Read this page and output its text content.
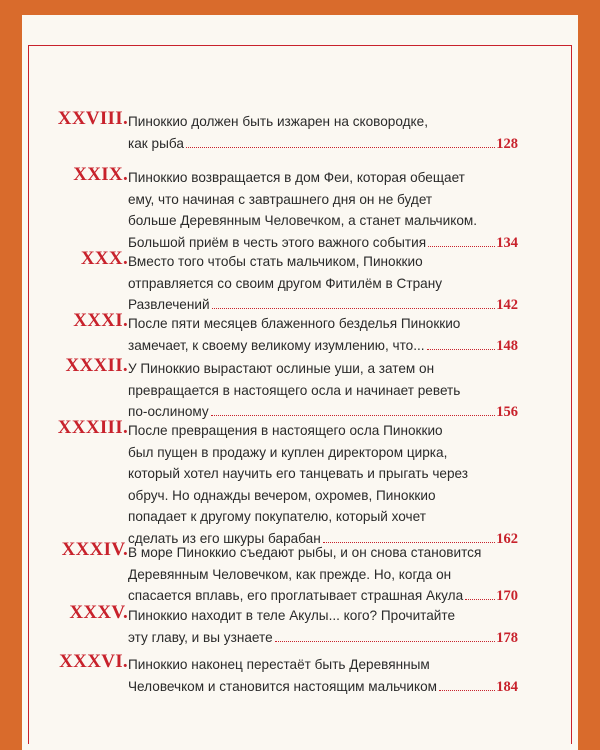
XXVIII. Пиноккио должен быть изжарен на сковородке,
как рыба	128
XXIX. Пиноккио возвращается в дом Феи, которая обещает
ему, что начиная с завтрашнего дня он не будет
больше Деревянным Человечком, а станет мальчиком.
Большой приём в честь этого важного события	134
XXX. Вместо того чтобы стать мальчиком, Пиноккио
отправляется со своим другом Фитилём в Страну
Развлечений	142
XXXI. После пяти месяцев блаженного безделья Пиноккио
замечает, к своему великому изумлению, что...	148
XXXII. У Пиноккио вырастают ослиные уши, а затем он
превращается в настоящего осла и начинает реветь
по-ослиному	156
XXXIII. После превращения в настоящего осла Пиноккио
был пущен в продажу и куплен директором цирка,
который хотел научить его танцевать и прыгать через
обруч. Но однажды вечером, охромев, Пиноккио
попадает к другому покупателю, который хочет
сделать из его шкуры барабан	162
XXXIV. В море Пиноккио съедают рыбы, и он снова становится
Деревянным Человечком, как прежде. Но, когда он
спасается вплавь, его проглатывает страшная Акула 170
XXXV. Пиноккио находит в теле Акулы... кого? Прочитайте
эту главу, и вы узнаете	178
XXXVI. Пиноккио наконец перестаёт быть Деревянным
Человечком и становится настоящим мальчиком	184
